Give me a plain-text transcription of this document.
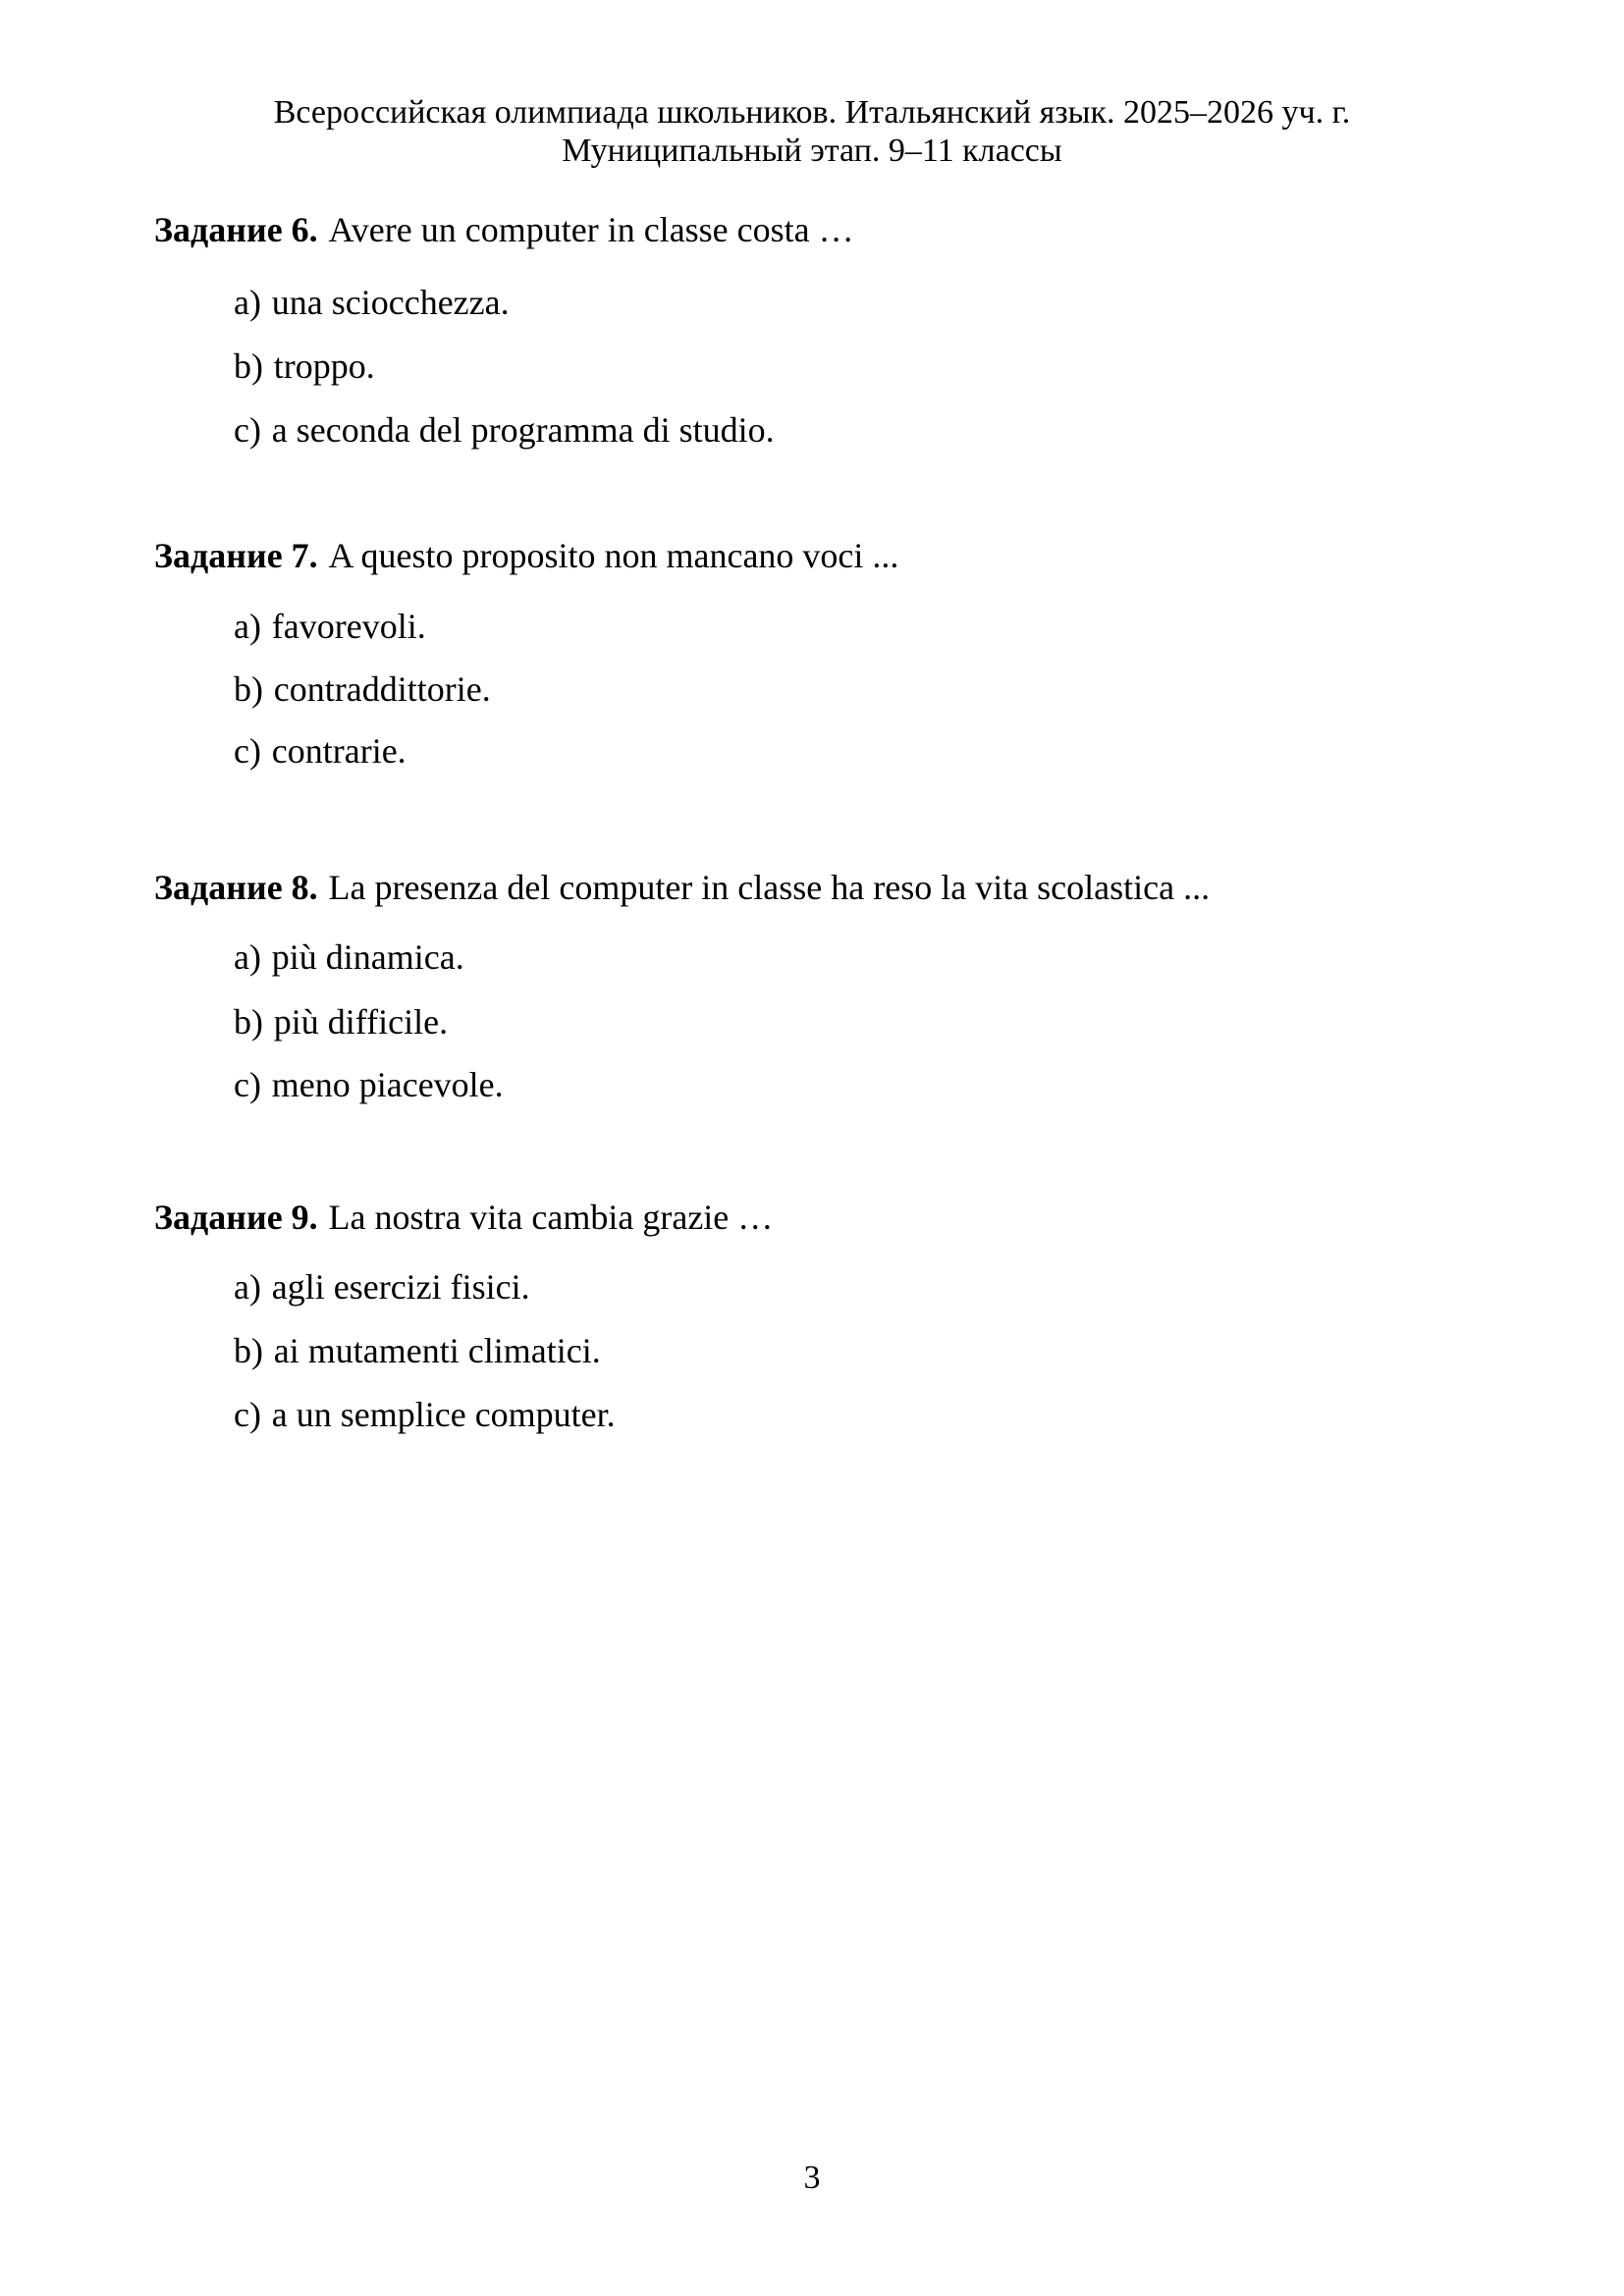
Всероссийская олимпиада школьников. Итальянский язык. 2025–2026 уч. г.

Муниципальный этап. 9–11 классы

Задание 6. Avere un computer in classe costa …

a) una sciocchezza.

b) troppo.

c) a seconda del programma di studio.

Задание 7. A questo proposito non mancano voci ...

a) favorevoli.

b) contraddittorie.

c) contrarie.

Задание 8. La presenza del computer in classe ha reso la vita scolastica ...

a) più dinamica.

b) più difficile.

c) meno piacevole.

Задание 9. La nostra vita cambia grazie …

a) agli esercizi fisici.

b) ai mutamenti climatici.

c) a un semplice computer.

3
